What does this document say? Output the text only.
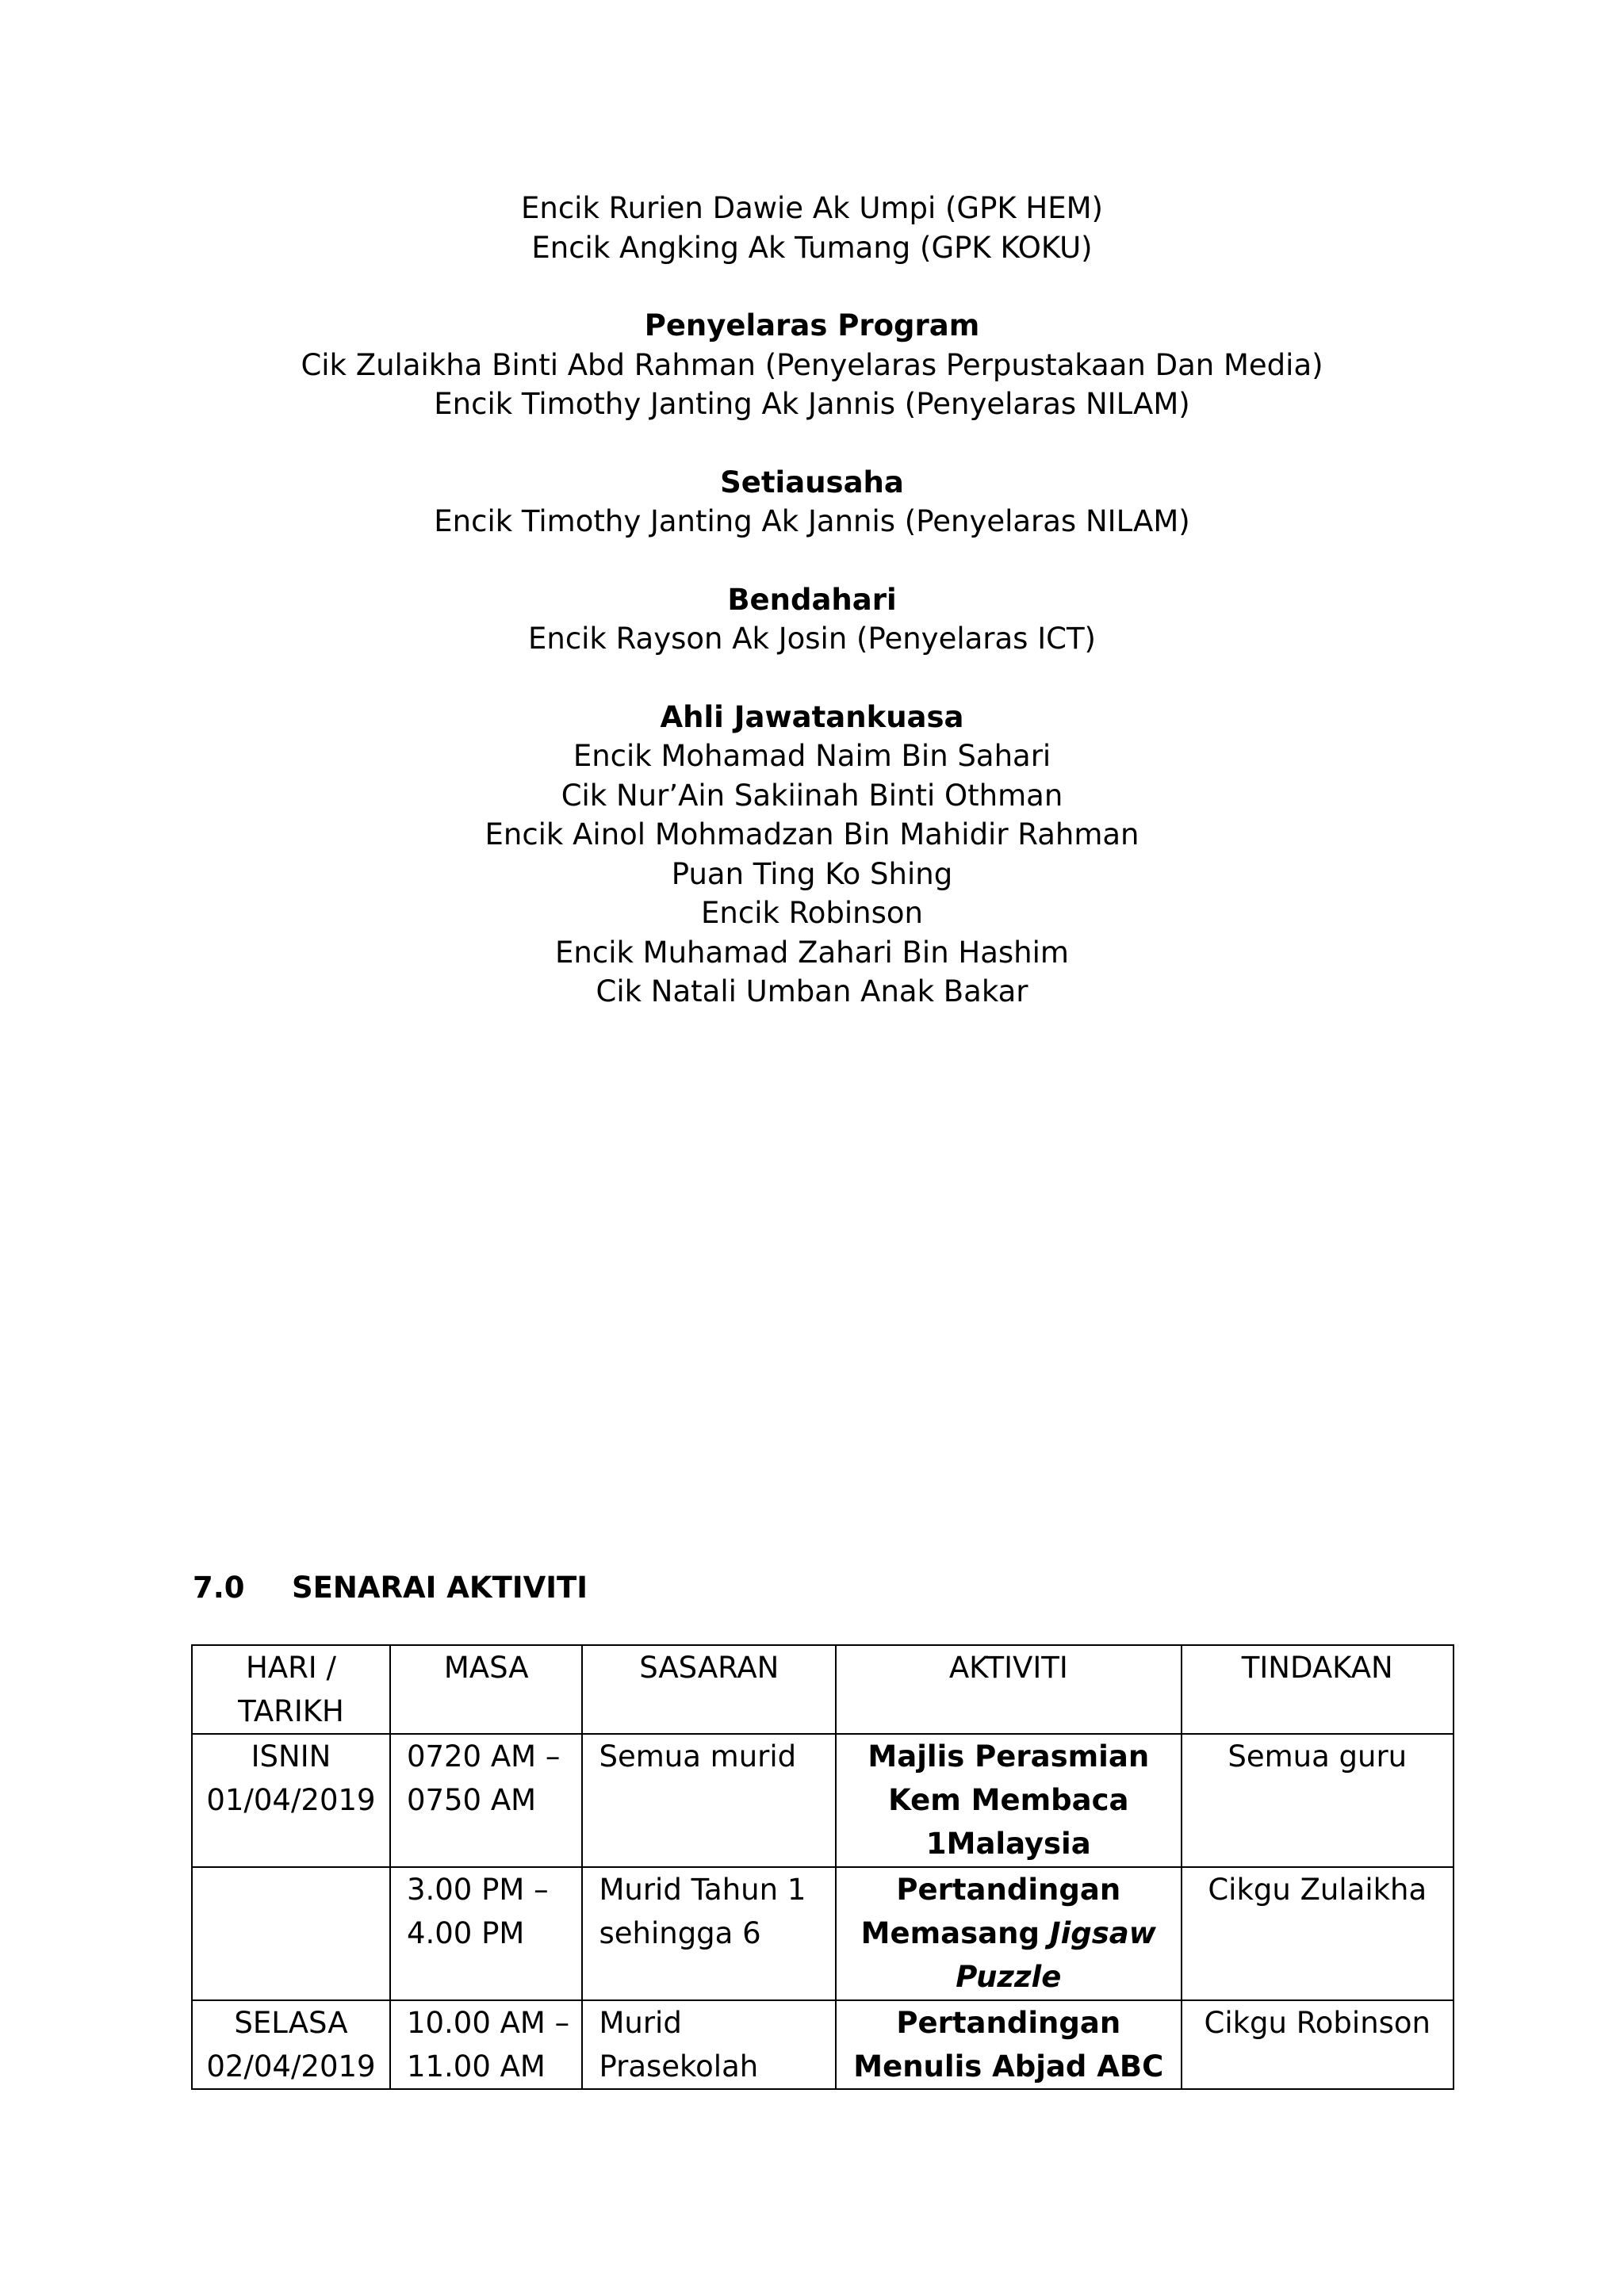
Encik Rurien Dawie Ak Umpi (GPK HEM)
Encik Angking Ak Tumang (GPK KOKU)
Penyelaras Program
Cik Zulaikha Binti Abd Rahman (Penyelaras Perpustakaan Dan Media)
Encik Timothy Janting Ak Jannis (Penyelaras NILAM)
Setiausaha
Encik Timothy Janting Ak Jannis (Penyelaras NILAM)
Bendahari
Encik Rayson Ak Josin (Penyelaras ICT)
Ahli Jawatankuasa
Encik Mohamad Naim Bin Sahari
Cik Nur’Ain Sakiinah Binti Othman
Encik Ainol Mohmadzan Bin Mahidir Rahman
Puan Ting Ko Shing
Encik Robinson
Encik Muhamad Zahari Bin Hashim
Cik Natali Umban Anak Bakar
7.0 SENARAI AKTIVITI
HARI / TARIKH	MASA	SASARAN	AKTIVITI	TINDAKAN

ISNIN
01/04/2019	0720 AM – 0750 AM	Semua murid	Majlis Perasmian Kem Membaca 1Malaysia	Semua guru

	3.00 PM – 4.00 PM	Murid Tahun 1 sehingga 6	Pertandingan Memasang Jigsaw Puzzle	Cikgu Zulaikha

SELASA
02/04/2019	10.00 AM – 11.00 AM	Murid Prasekolah	Pertandingan Menulis Abjad ABC	Cikgu Robinson
